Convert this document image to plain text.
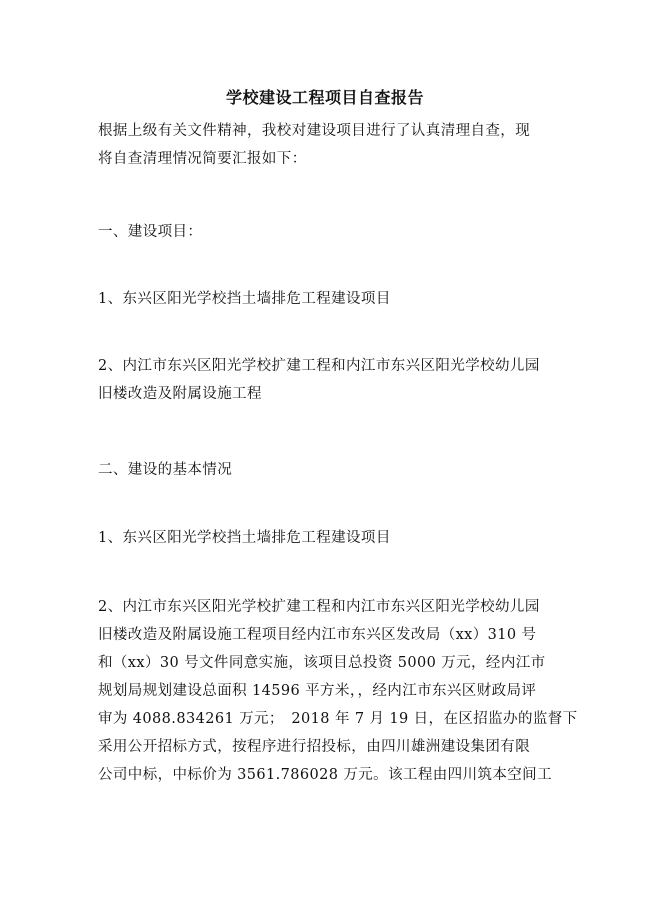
学校建设工程项目自查报告
根据上级有关文件精神，我校对建设项目进行了认真清理自查，现
将自查清理情况简要汇报如下：
一、建设项目：
1、东兴区阳光学校挡土墙排危工程建设项目
2、内江市东兴区阳光学校扩建工程和内江市东兴区阳光学校幼儿园
旧楼改造及附属设施工程
二、建设的基本情况
1、东兴区阳光学校挡土墙排危工程建设项目
2、内江市东兴区阳光学校扩建工程和内江市东兴区阳光学校幼儿园
旧楼改造及附属设施工程项目经内江市东兴区发改局（xx）310 号
和（xx）30 号文件同意实施，该项目总投资 5000 万元，经内江市
规划局规划建设总面积 14596 平方米，，经内江市东兴区财政局评
审为 4088.834261 万元；　2018 年 7 月 19 日，在区招监办的监督下
采用公开招标方式，按程序进行招投标，由四川雄洲建设集团有限
公司中标，中标价为 3561.786028 万元。该工程由四川筑本空间工
